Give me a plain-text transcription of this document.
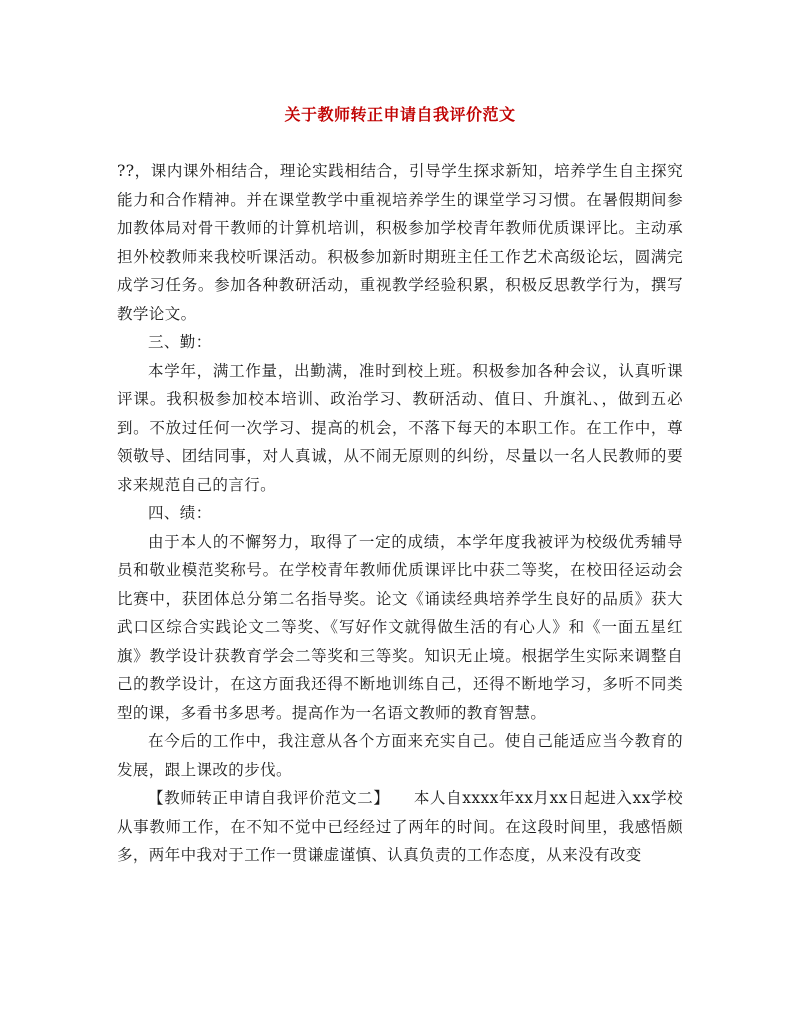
关于教师转正申请自我评价范文

??，课内课外相结合，理论实践相结合，引导学生探求新知，培养学生自主探究能力和合作精神。并在课堂教学中重视培养学生的课堂学习习惯。在暑假期间参加教体局对骨干教师的计算机培训，积极参加学校青年教师优质课评比。主动承担外校教师来我校听课活动。积极参加新时期班主任工作艺术高级论坛，圆满完成学习任务。参加各种教研活动，重视教学经验积累，积极反思教学行为，撰写教学论文。

三、勤：

本学年，满工作量，出勤满，准时到校上班。积极参加各种会议，认真听课评课。我积极参加校本培训、政治学习、教研活动、值日、升旗礼、，做到五必到。不放过任何一次学习、提高的机会，不落下每天的本职工作。在工作中，尊领敬导、团结同事，对人真诚，从不闹无原则的纠纷，尽量以一名人民教师的要求来规范自己的言行。

四、绩：

由于本人的不懈努力，取得了一定的成绩，本学年度我被评为校级优秀辅导员和敬业模范奖称号。在学校青年教师优质课评比中获二等奖，在校田径运动会比赛中，获团体总分第二名指导奖。论文《诵读经典培养学生良好的品质》获大武口区综合实践论文二等奖、《写好作文就得做生活的有心人》和《一面五星红旗》教学设计获教育学会二等奖和三等奖。知识无止境。根据学生实际来调整自己的教学设计，在这方面我还得不断地训练自己，还得不断地学习，多听不同类型的课，多看书多思考。提高作为一名语文教师的教育智慧。

在今后的工作中，我注意从各个方面来充实自己。使自己能适应当今教育的发展，跟上课改的步伐。

【教师转正申请自我评价范文二】　　本人自xxxx年xx月xx日起进入xx学校从事教师工作，在不知不觉中已经经过了两年的时间。在这段时间里，我感悟颇多，两年中我对于工作一贯谦虚谨慎、认真负责的工作态度，从来没有改变
